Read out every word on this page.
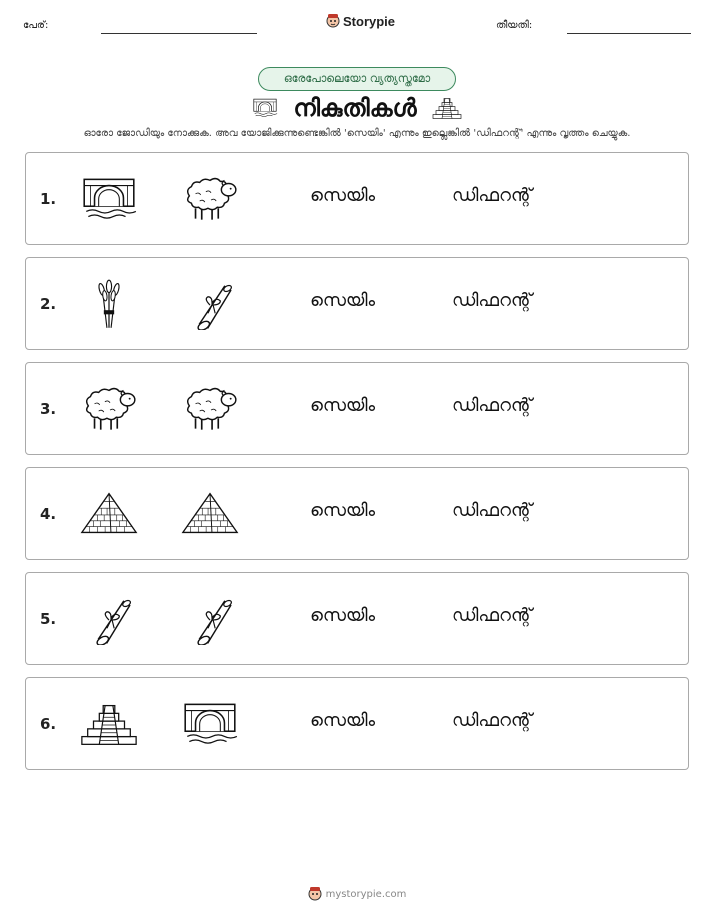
പേര്:	Storypie	തീയതി:
ഒരേപോലെയോ വ്യത്യസ്തമോ
നികുതികൾ
ഓരോ ജോഡിയും നോക്കുക. അവ യോജിക്കുന്നുണ്ടെങ്കിൽ 'സെയിം' എന്നും ഇല്ലെങ്കിൽ 'ഡിഫറന്റ്' എന്നും വൃത്തം ചെയ്യുക.
1.	സെയിം	ഡിഫറന്റ്
2.	സെയിം	ഡിഫറന്റ്
3.	സെയിം	ഡിഫറന്റ്
4.	സെയിം	ഡിഫറന്റ്
5.	സെയിം	ഡിഫറന്റ്
6.	സെയിം	ഡിഫറന്റ്
mystorypie.com
